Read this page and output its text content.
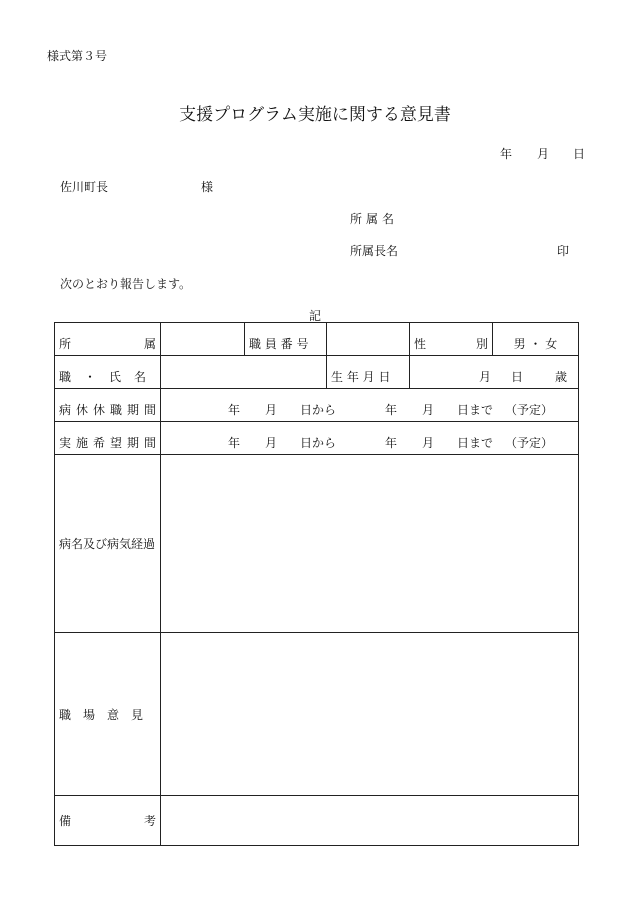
様式第３号
支援プログラム実施に関する意見書
年 月 日
佐川町長	様
所属名
所属長名	印
次のとおり報告します。
記
所属		職 員 番 号		性別	男 ・ 女

職・氏名			生 年 月 日	月 日 歳	

病休休職期間	年 月 日から 年 月 日まで （予定）				

実施希望期間	年 月 日から 年 月 日まで （予定）				
病名及び病気経過					
職　場　意　見					

備考					
